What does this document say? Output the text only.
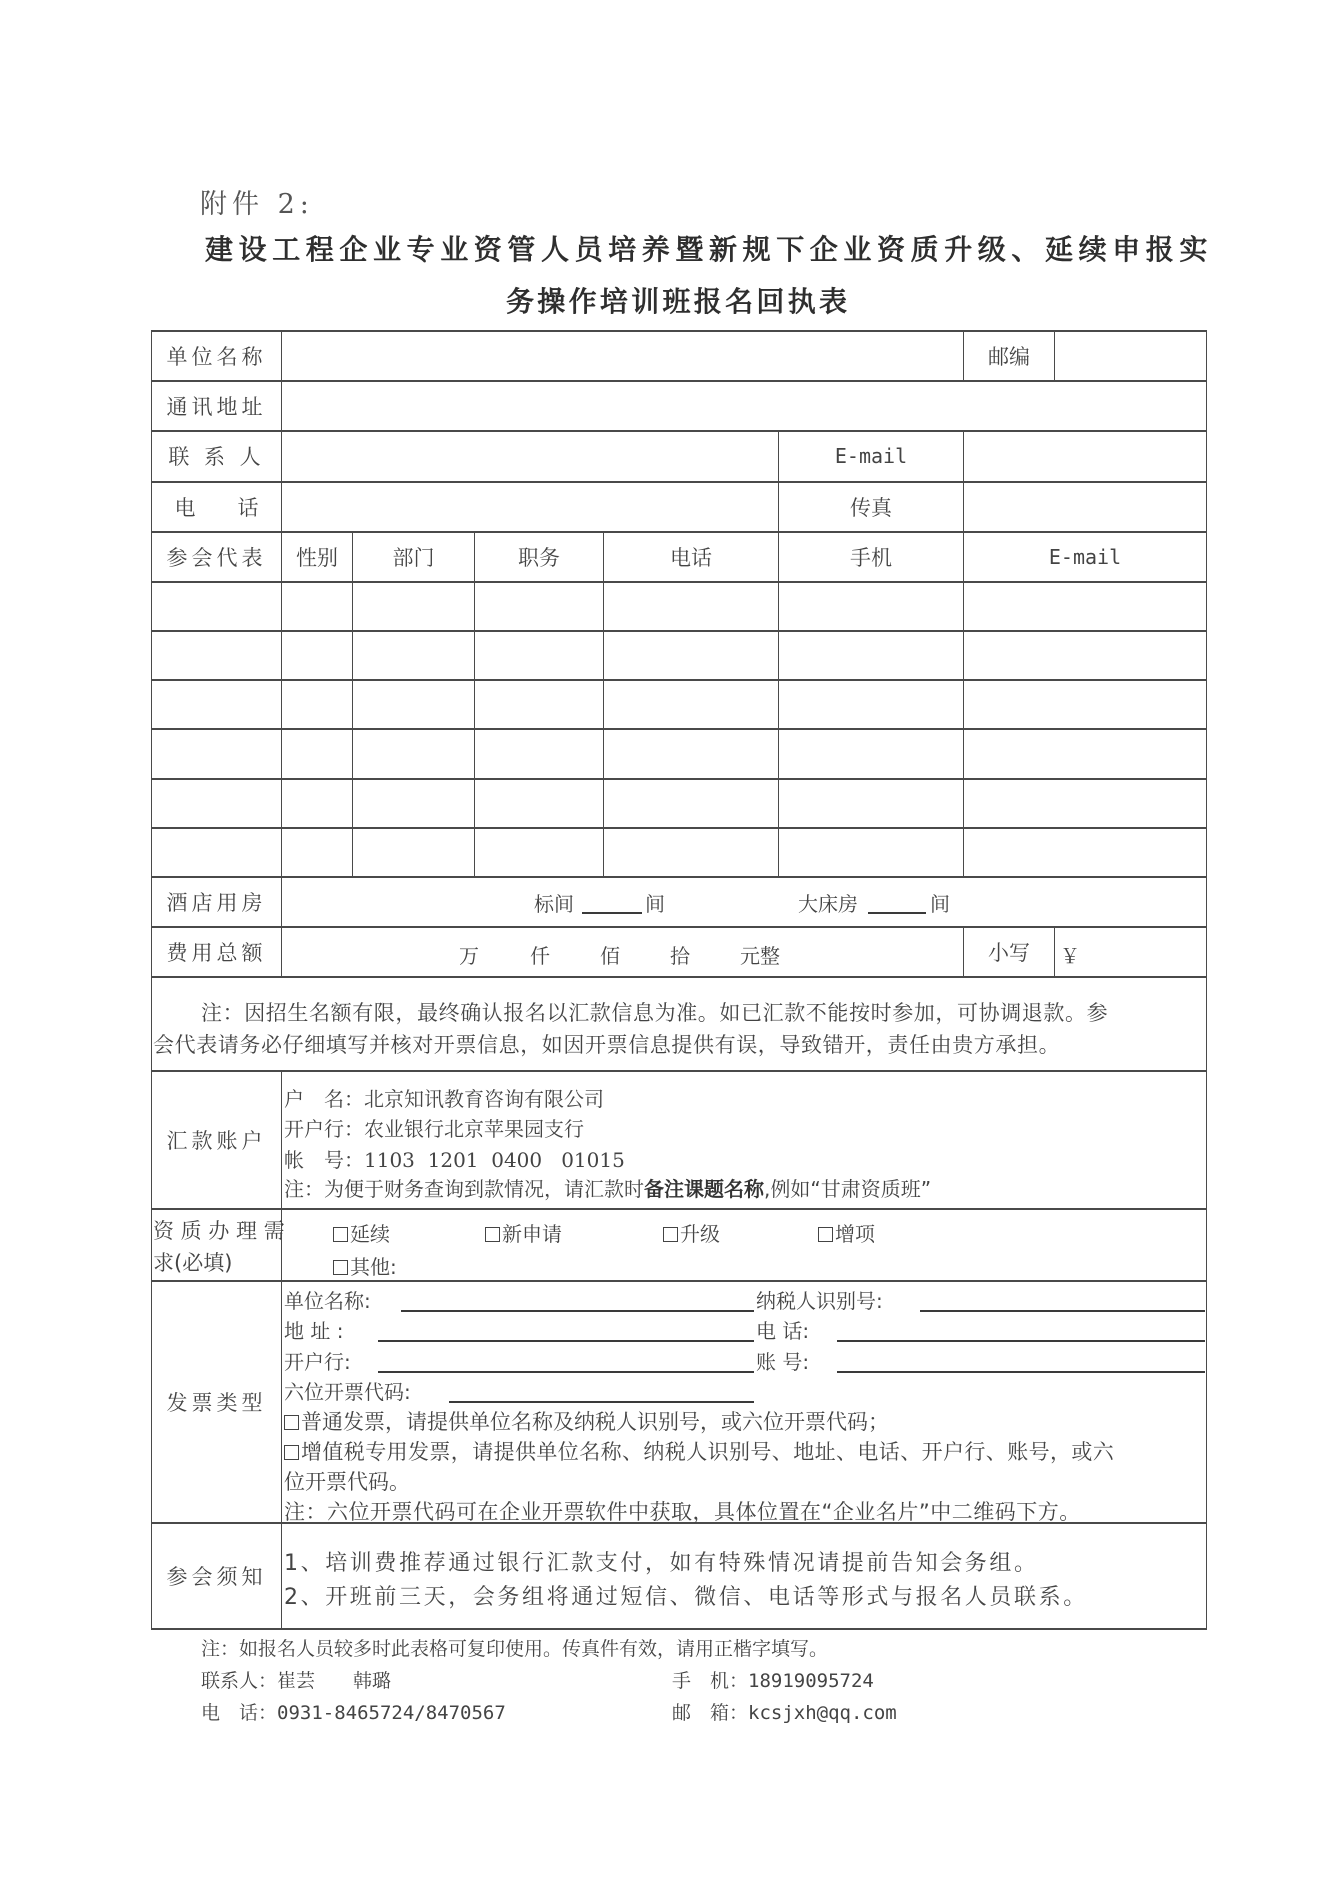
附件 2:
建设工程企业专业资管人员培养暨新规下企业资质升级、延续申报实
务操作培训班报名回执表
单位名称	邮编
通讯地址
联 系 人	E-mail
电　　话	传真
参会代表	性别	部门	职务	电话	手机	E-mail
酒店用房	标间	间	大床房	间
费用总额	万	仟	佰	拾	元整	小写	￥
注：因招生名额有限，最终确认报名以汇款信息为准。如已汇款不能按时参加，可协调退款。参
会代表请务必仔细填写并核对开票信息，如因开票信息提供有误，导致错开，责任由贵方承担。
汇款账户
户　名：北京知讯教育咨询有限公司
开户行：农业银行北京苹果园支行
帐　号：1103  1201  0400   01015
注：为便于财务查询到款情况，请汇款时备注课题名称,例如“甘肃资质班”
资 质 办 理 需
求(必填)
延续	新申请	升级	增项
其他:
发票类型
单位名称:	纳税人识别号:
地 址 :	电 话:
开户行:	账 号:
六位开票代码:
普通发票，请提供单位名称及纳税人识别号，或六位开票代码；
增值税专用发票，请提供单位名称、纳税人识别号、地址、电话、开户行、账号，或六
位开票代码。
注：六位开票代码可在企业开票软件中获取，具体位置在“企业名片”中二维码下方。
参会须知
1、培训费推荐通过银行汇款支付，如有特殊情况请提前告知会务组。
2、开班前三天，会务组将通过短信、微信、电话等形式与报名人员联系。
注：如报名人员较多时此表格可复印使用。传真件有效，请用正楷字填写。
联系人：崔芸　　韩璐	手　机：18919095724
电　话：0931-8465724/8470567	邮　箱：kcsjxh@qq.com
